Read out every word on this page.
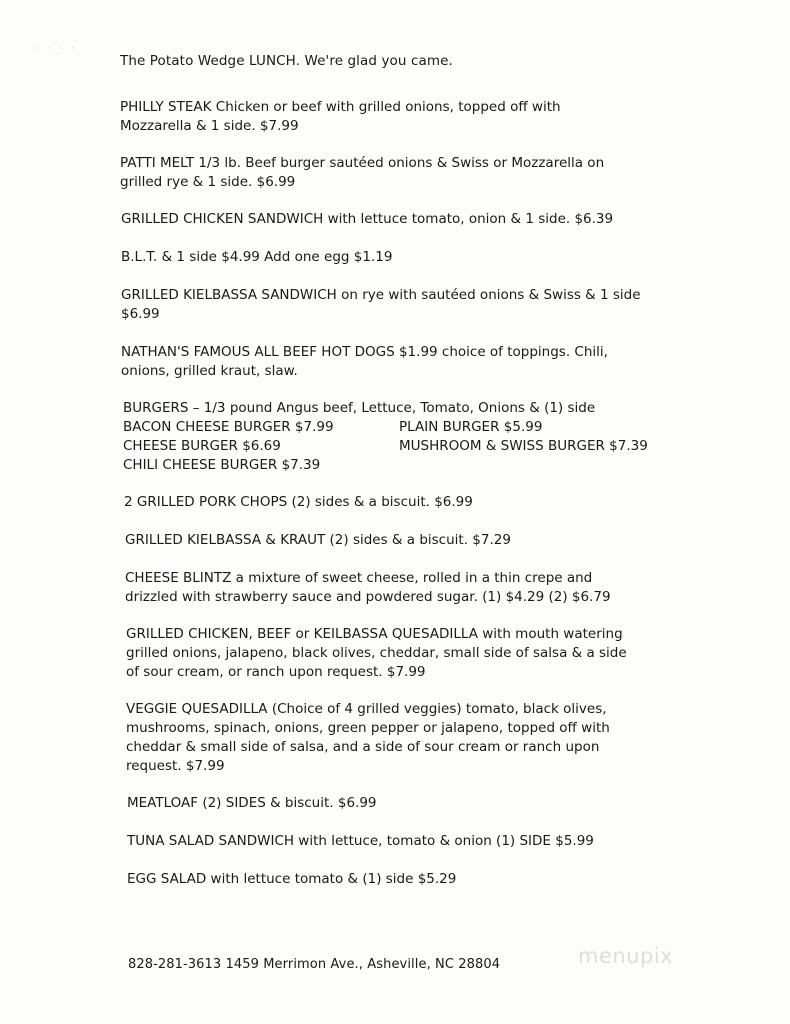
· · · ·
The Potato Wedge LUNCH. We're glad you came.
PHILLY STEAK Chicken or beef with grilled onions, topped off with
Mozzarella & 1 side. $7.99
PATTI MELT 1/3 lb. Beef burger sautéed onions & Swiss or Mozzarella on
grilled rye & 1 side. $6.99
GRILLED CHICKEN SANDWICH with lettuce tomato, onion & 1 side. $6.39
B.L.T. & 1 side $4.99 Add one egg $1.19
GRILLED KIELBASSA SANDWICH on rye with sautéed onions & Swiss & 1 side
$6.99
NATHAN'S FAMOUS ALL BEEF HOT DOGS $1.99 choice of toppings. Chili,
onions, grilled kraut, slaw.
BURGERS – 1/3 pound Angus beef, Lettuce, Tomato, Onions & (1) side
BACON CHEESE BURGER $7.99	PLAIN BURGER $5.99
CHEESE BURGER $6.69	MUSHROOM & SWISS BURGER $7.39
CHILI CHEESE BURGER $7.39
2 GRILLED PORK CHOPS (2) sides & a biscuit. $6.99
GRILLED KIELBASSA & KRAUT (2) sides & a biscuit. $7.29
CHEESE BLINTZ a mixture of sweet cheese, rolled in a thin crepe and
drizzled with strawberry sauce and powdered sugar. (1) $4.29 (2) $6.79
GRILLED CHICKEN, BEEF or KEILBASSA QUESADILLA with mouth watering
grilled onions, jalapeno, black olives, cheddar, small side of salsa & a side
of sour cream, or ranch upon request. $7.99
VEGGIE QUESADILLA (Choice of 4 grilled veggies) tomato, black olives,
mushrooms, spinach, onions, green pepper or jalapeno, topped off with
cheddar & small side of salsa, and a side of sour cream or ranch upon
request. $7.99
MEATLOAF (2) SIDES & biscuit. $6.99
TUNA SALAD SANDWICH with lettuce, tomato & onion (1) SIDE $5.99
EGG SALAD with lettuce tomato & (1) side $5.29
828-281-3613 1459 Merrimon Ave., Asheville, NC 28804	menupix
